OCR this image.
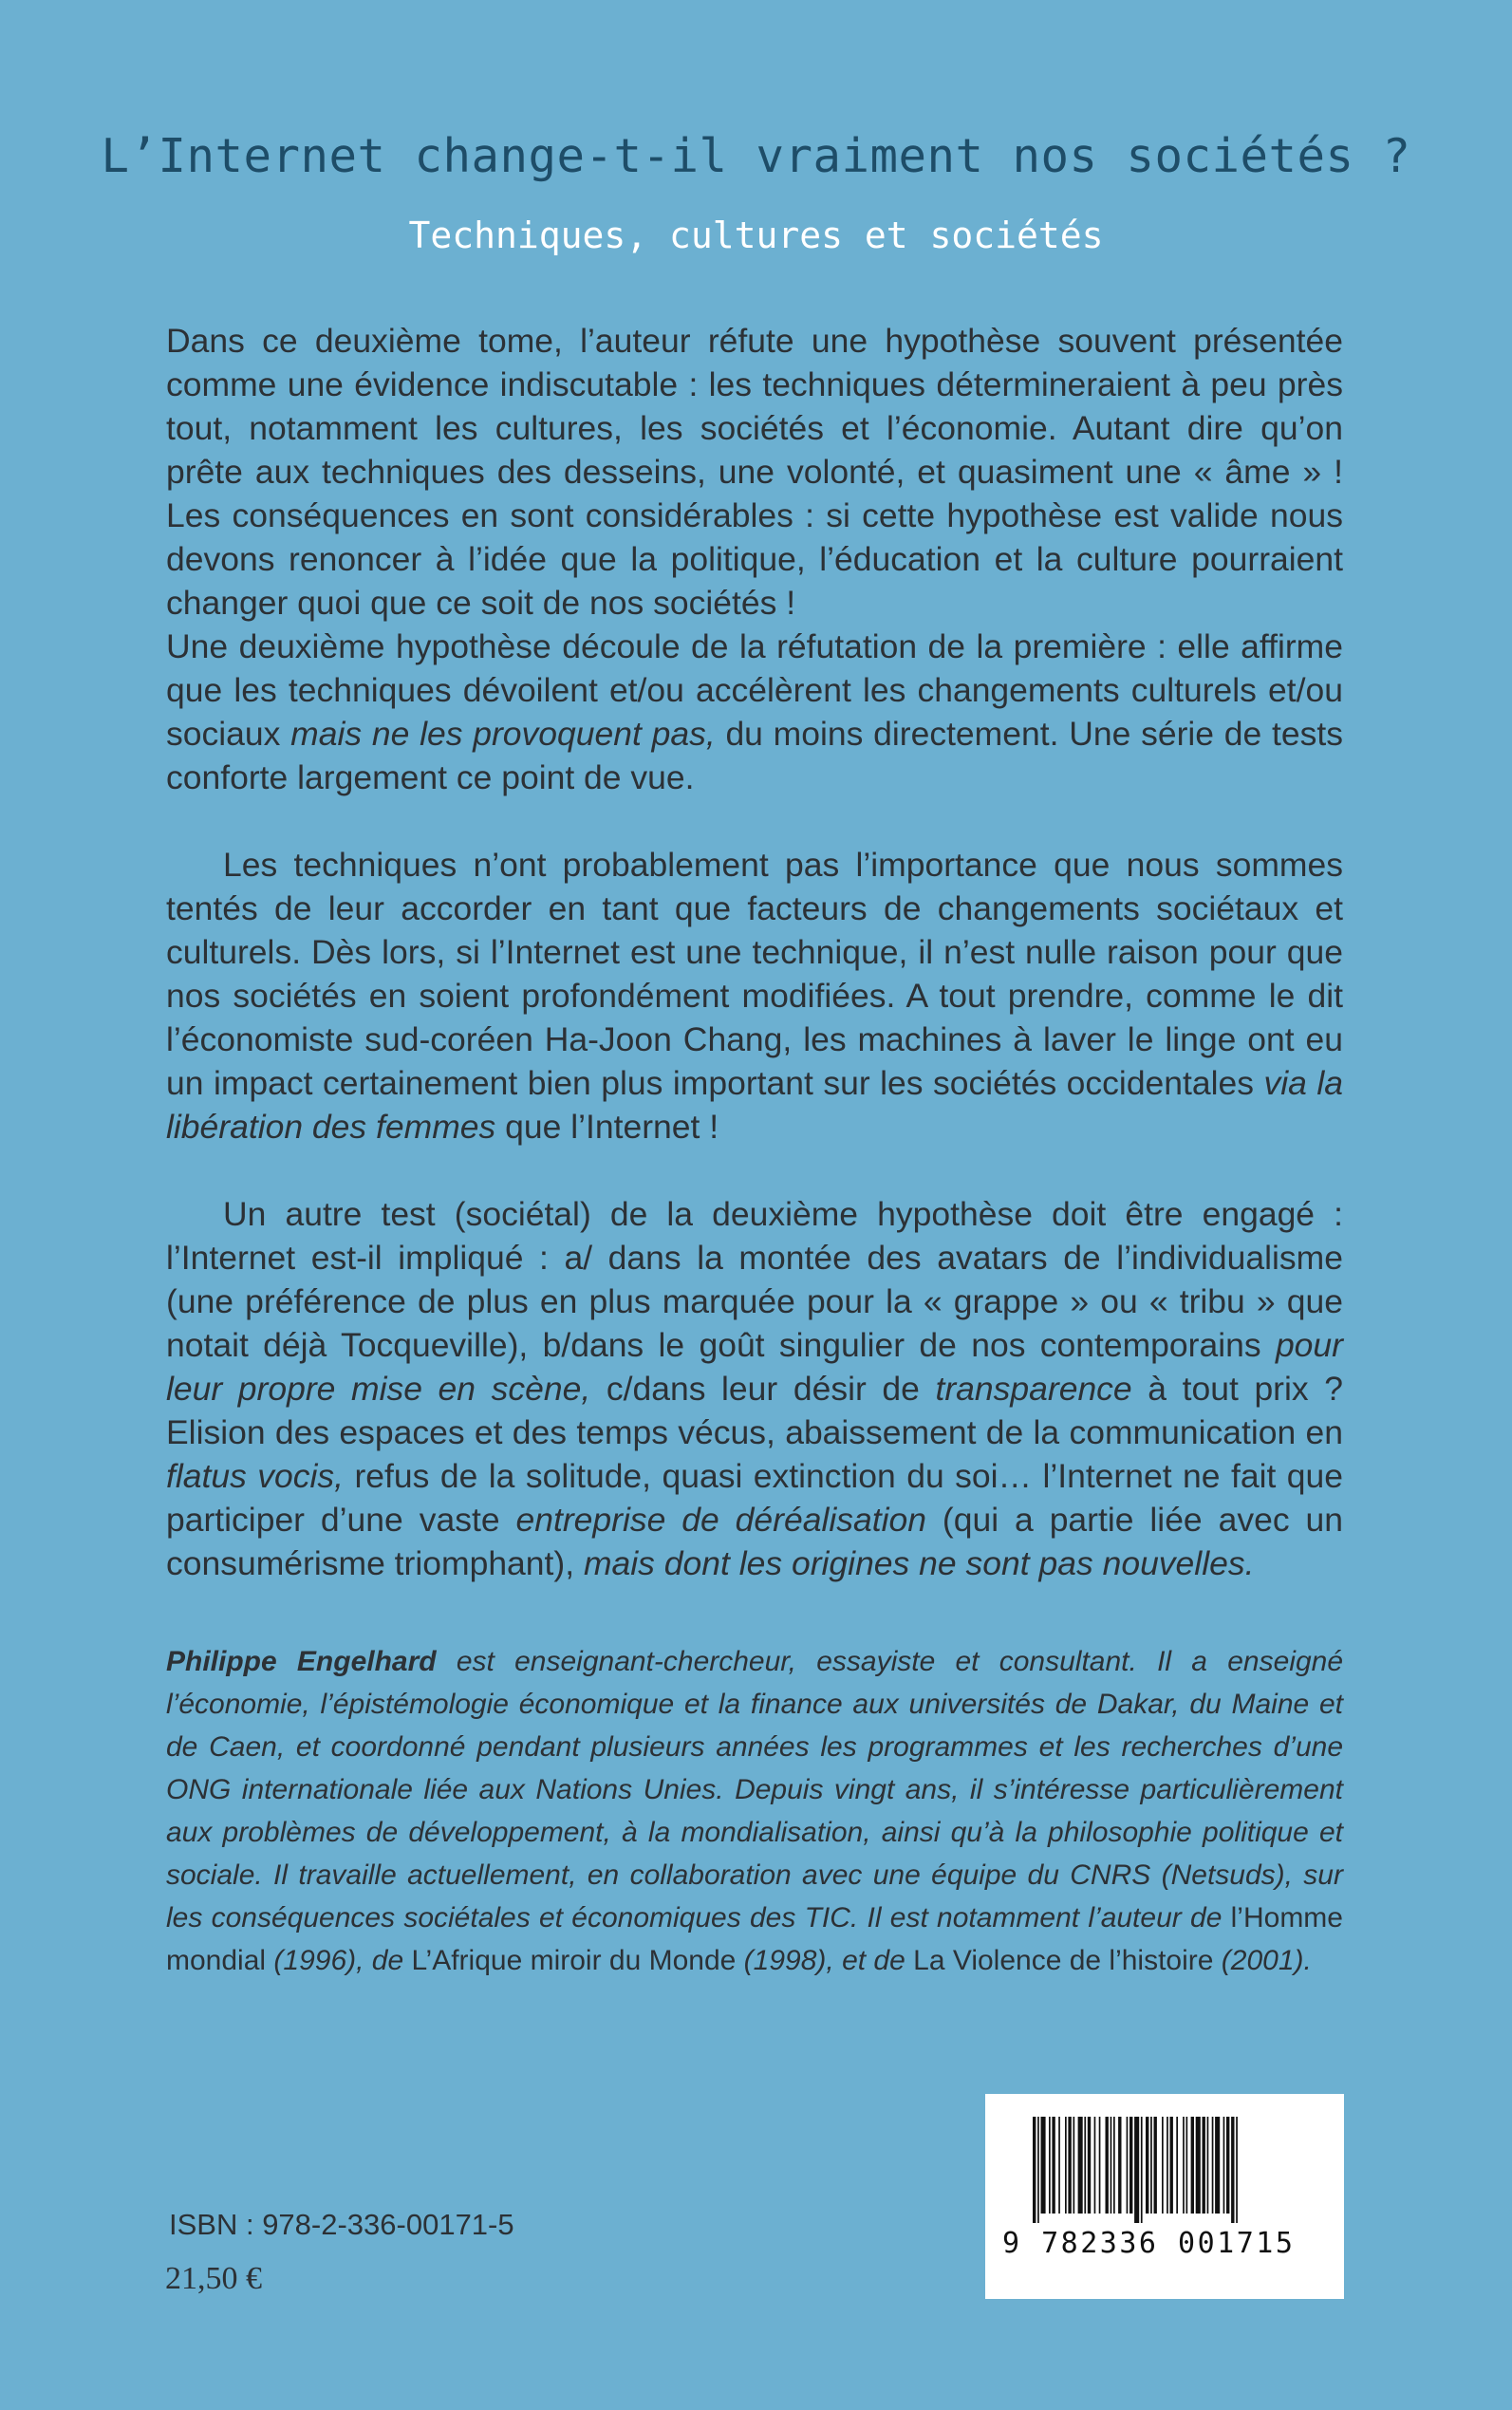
L’Internet change-t-il vraiment nos sociétés ?
Techniques, cultures et sociétés

Dans ce deuxième tome, l’auteur réfute une hypothèse souvent présentée comme une évidence indiscutable : les techniques détermineraient à peu près tout, notamment les cultures, les sociétés et l’économie. Autant dire qu’on prête aux techniques des desseins, une volonté, et quasiment une « âme » ! Les conséquences en sont considérables : si cette hypothèse est valide nous devons renoncer à l’idée que la politique, l’éducation et la culture pourraient changer quoi que ce soit de nos sociétés !

Une deuxième hypothèse découle de la réfutation de la première : elle affirme que les techniques dévoilent et/ou accélèrent les changements culturels et/ou sociaux mais ne les provoquent pas, du moins directement. Une série de tests conforte largement ce point de vue.

Les techniques n’ont probablement pas l’importance que nous sommes tentés de leur accorder en tant que facteurs de changements sociétaux et culturels. Dès lors, si l’Internet est une technique, il n’est nulle raison pour que nos sociétés en soient profondément modifiées. A tout prendre, comme le dit l’économiste sud-coréen Ha-Joon Chang, les machines à laver le linge ont eu un impact certainement bien plus important sur les sociétés occidentales via la libération des femmes que l’Internet !

Un autre test (sociétal) de la deuxième hypothèse doit être engagé : l’Internet est-il impliqué : a/ dans la montée des avatars de l’individualisme (une préférence de plus en plus marquée pour la « grappe » ou « tribu » que notait déjà Tocqueville), b/dans le goût singulier de nos contemporains pour leur propre mise en scène, c/dans leur désir de transparence à tout prix ? Elision des espaces et des temps vécus, abaissement de la communication en flatus vocis, refus de la solitude, quasi extinction du soi… l’Internet ne fait que participer d’une vaste entreprise de déréalisation (qui a partie liée avec un consumérisme triomphant), mais dont les origines ne sont pas nouvelles.

Philippe Engelhard est enseignant-chercheur, essayiste et consultant. Il a enseigné l’économie, l’épistémologie économique et la finance aux universités de Dakar, du Maine et de Caen, et coordonné pendant plusieurs années les programmes et les recherches d’une ONG internationale liée aux Nations Unies. Depuis vingt ans, il s’intéresse particulièrement aux problèmes de développement, à la mondialisation, ainsi qu’à la philosophie politique et sociale. Il travaille actuellement, en collaboration avec une équipe du CNRS (Netsuds), sur les conséquences sociétales et économiques des TIC. Il est notamment l’auteur de l’Homme mondial (1996), de L’Afrique miroir du Monde (1998), et de La Violence de l’histoire (2001).

ISBN : 978-2-336-00171-5
21,50 €
9 782336 001715
